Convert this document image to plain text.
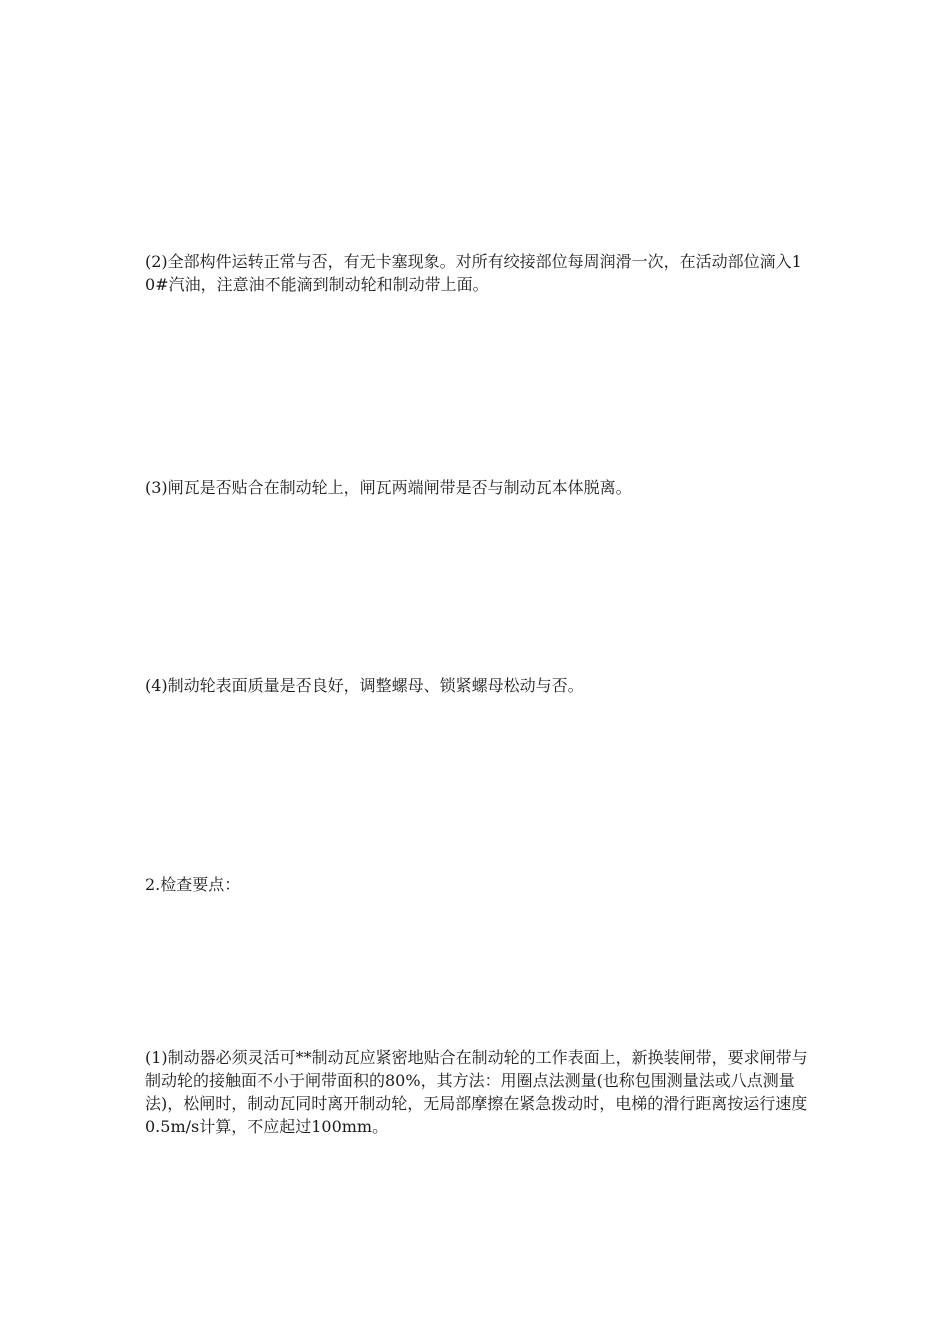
(2)全部构件运转正常与否，有无卡塞现象。对所有绞接部位每周润滑一次，在活动部位滴入10#汽油，注意油不能滴到制动轮和制动带上面。
(3)闸瓦是否贴合在制动轮上，闸瓦两端闸带是否与制动瓦本体脱离。
(4)制动轮表面质量是否良好，调整螺母、锁紧螺母松动与否。
2.检查要点：
(1)制动器必须灵活可**制动瓦应紧密地贴合在制动轮的工作表面上，新换装闸带，要求闸带与制动轮的接触面不小于闸带面积的80%，其方法：用圈点法测量(也称包围测量法或八点测量法)，松闸时，制动瓦同时离开制动轮，无局部摩擦在紧急拨动时，电梯的滑行距离按运行速度0.5m/s计算，不应起过100mm。
